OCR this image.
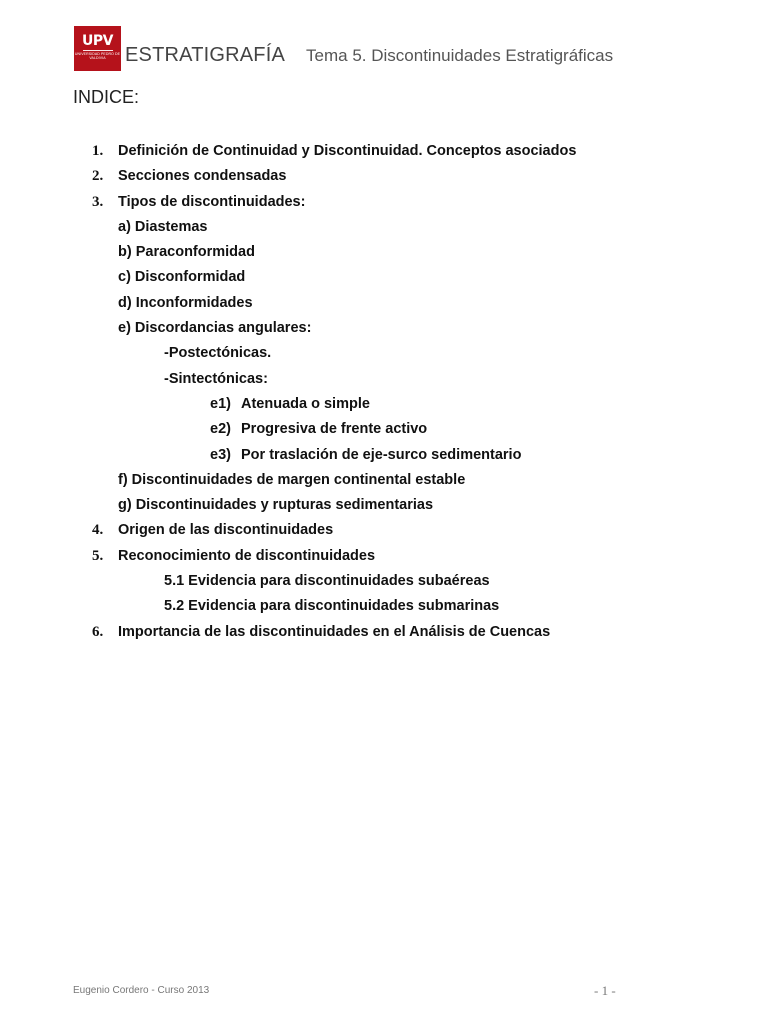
UPV
UNIVERSIDAD PEDRO DE VALDIVIA ESTRATIGRAFÍA Tema 5. Discontinuidades Estratigráficas
INDICE:
1. Definición de Continuidad y Discontinuidad. Conceptos asociados
2. Secciones condensadas
3. Tipos de discontinuidades:
a) Diastemas
b) Paraconformidad
c) Disconformidad
d) Inconformidades
e) Discordancias angulares:
-Postectónicas.
-Sintectónicas:
e1) Atenuada o simple
e2) Progresiva de frente activo
e3) Por traslación de eje-surco sedimentario
f) Discontinuidades de margen continental estable
g) Discontinuidades y rupturas sedimentarias
4. Origen de las discontinuidades
5. Reconocimiento de discontinuidades
5.1 Evidencia para discontinuidades subaéreas
5.2 Evidencia para discontinuidades submarinas
6. Importancia de las discontinuidades en el Análisis de Cuencas
Eugenio Cordero - Curso 2013	- 1 -
